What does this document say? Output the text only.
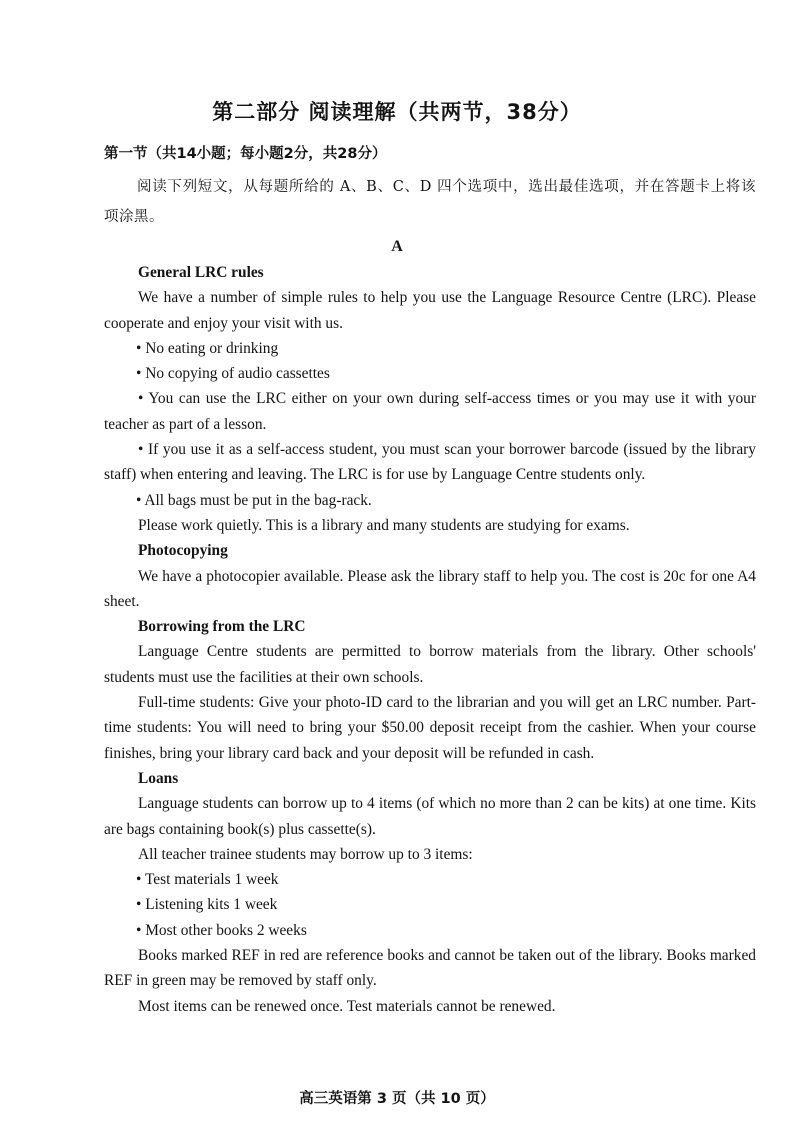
第二部分 阅读理解（共两节，38分）
第一节（共14小题；每小题2分，共28分）
阅读下列短文，从每题所给的 A、B、C、D 四个选项中，选出最佳选项，并在答题卡上将该项涂黑。
A

General LRC rules

We have a number of simple rules to help you use the Language Resource Centre (LRC). Please cooperate and enjoy your visit with us.

• No eating or drinking

• No copying of audio cassettes

• You can use the LRC either on your own during self-access times or you may use it with your teacher as part of a lesson.

• If you use it as a self-access student, you must scan your borrower barcode (issued by the library staff) when entering and leaving. The LRC is for use by Language Centre students only.

• All bags must be put in the bag-rack.

Please work quietly. This is a library and many students are studying for exams.

Photocopying

We have a photocopier available. Please ask the library staff to help you. The cost is 20c for one A4 sheet.

Borrowing from the LRC

Language Centre students are permitted to borrow materials from the library. Other schools' students must use the facilities at their own schools.

Full-time students: Give your photo-ID card to the librarian and you will get an LRC number. Part-time students: You will need to bring your $50.00 deposit receipt from the cashier. When your course finishes, bring your library card back and your deposit will be refunded in cash.

Loans

Language students can borrow up to 4 items (of which no more than 2 can be kits) at one time. Kits are bags containing book(s) plus cassette(s).

All teacher trainee students may borrow up to 3 items:

• Test materials 1 week

• Listening kits 1 week

• Most other books 2 weeks

Books marked REF in red are reference books and cannot be taken out of the library. Books marked REF in green may be removed by staff only.

Most items can be renewed once. Test materials cannot be renewed.

高三英语第 3 页（共 10 页）
